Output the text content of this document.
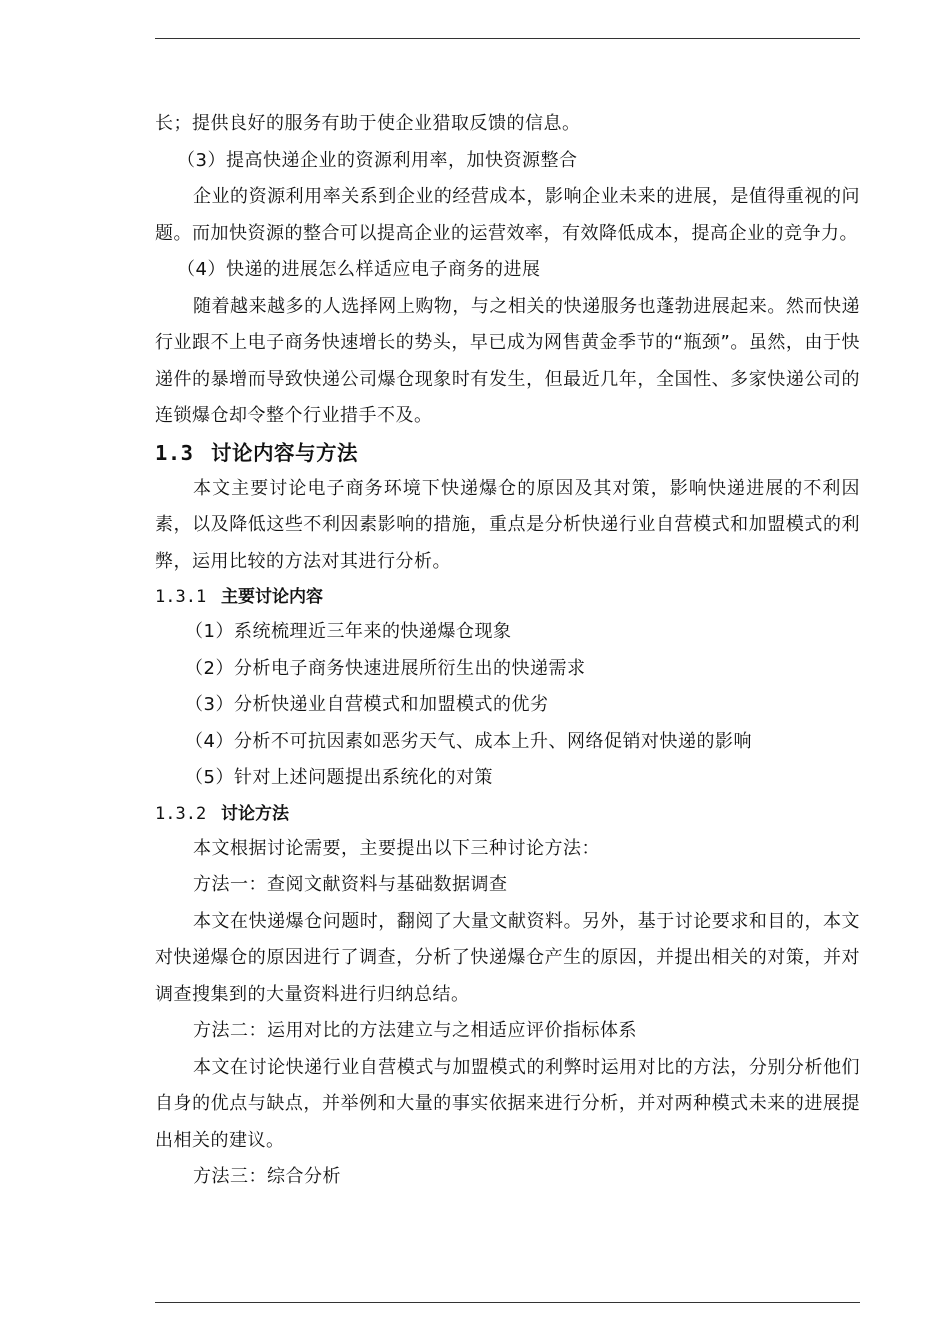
长；提供良好的服务有助于使企业猎取反馈的信息。

（3）提高快递企业的资源利用率，加快资源整合

企业的资源利用率关系到企业的经营成本，影响企业未来的进展，是值得重视的问题。而加快资源的整合可以提高企业的运营效率，有效降低成本，提高企业的竞争力。

（4）快递的进展怎么样适应电子商务的进展

随着越来越多的人选择网上购物，与之相关的快递服务也蓬勃进展起来。然而快递行业跟不上电子商务快速增长的势头，早已成为网售黄金季节的“瓶颈”。虽然，由于快递件的暴增而导致快递公司爆仓现象时有发生，但最近几年，全国性、多家快递公司的连锁爆仓却令整个行业措手不及。

1.3 讨论内容与方法

本文主要讨论电子商务环境下快递爆仓的原因及其对策，影响快递进展的不利因素，以及降低这些不利因素影响的措施，重点是分析快递行业自营模式和加盟模式的利弊，运用比较的方法对其进行分析。

1.3.1 主要讨论内容

（1）系统梳理近三年来的快递爆仓现象

（2）分析电子商务快速进展所衍生出的快递需求

（3）分析快递业自营模式和加盟模式的优劣

（4）分析不可抗因素如恶劣天气、成本上升、网络促销对快递的影响

（5）针对上述问题提出系统化的对策

1.3.2 讨论方法

本文根据讨论需要，主要提出以下三种讨论方法：

方法一：查阅文献资料与基础数据调查

本文在快递爆仓问题时，翻阅了大量文献资料。另外，基于讨论要求和目的，本文对快递爆仓的原因进行了调查，分析了快递爆仓产生的原因，并提出相关的对策，并对调查搜集到的大量资料进行归纳总结。

方法二：运用对比的方法建立与之相适应评价指标体系

本文在讨论快递行业自营模式与加盟模式的利弊时运用对比的方法，分别分析他们自身的优点与缺点，并举例和大量的事实依据来进行分析，并对两种模式未来的进展提出相关的建议。

方法三：综合分析
